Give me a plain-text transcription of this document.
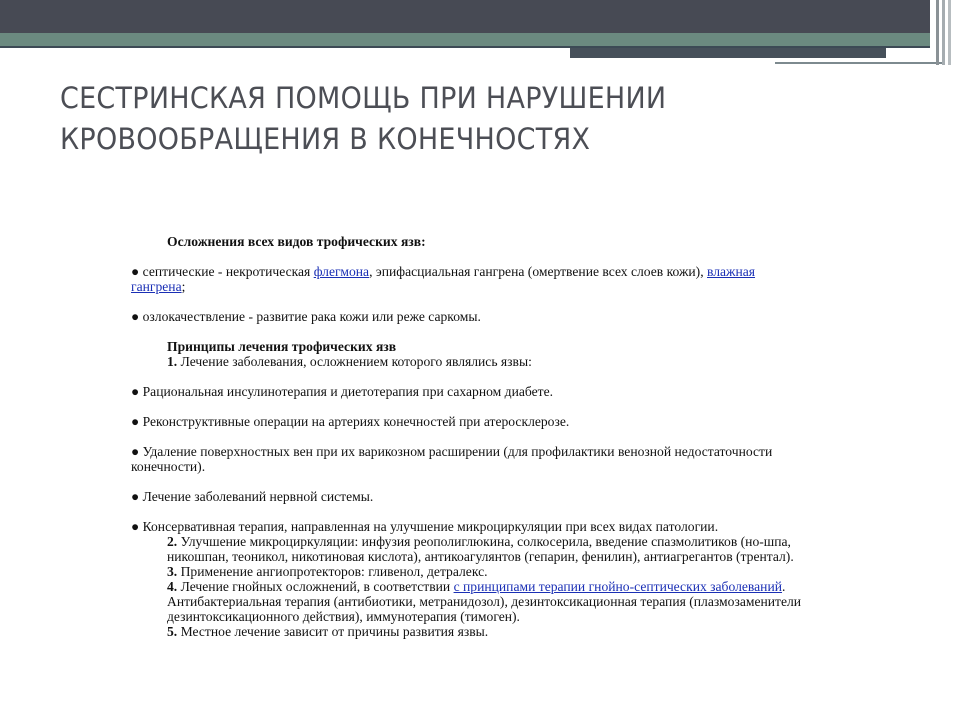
СЕСТРИНСКАЯ ПОМОЩЬ ПРИ НАРУШЕНИИ КРОВООБРАЩЕНИЯ В КОНЕЧНОСТЯХ

Осложнения всех видов трофических язв:

● септические - некротическая флегмона, эпифасциальная гангрена (омертвение всех слоев кожи), влажная гангрена;

● озлокачествление - развитие рака кожи или реже саркомы.

Принципы лечения трофических язв

1. Лечение заболевания, осложнением которого являлись язвы:

● Рациональная инсулинотерапия и диетотерапия при сахарном диабете.

● Реконструктивные операции на артериях конечностей при атеросклерозе.

● Удаление поверхностных вен при их варикозном расширении (для профилактики венозной недостаточности конечности).

● Лечение заболеваний нервной системы.

● Консервативная терапия, направленная на улучшение микроциркуляции при всех видах патологии.

2. Улучшение микроциркуляции: инфузия реополиглюкина, солкосерила, введение спазмолитиков (но-шпа, никошпан, теоникол, никотиновая кислота), антикоагулянтов (гепарин, фенилин), антиагрегантов (трентал).

3. Применение ангиопротекторов: гливенол, детралекс.

4. Лечение гнойных осложнений, в соответствии с принципами терапии гнойно-септических заболеваний. Антибактериальная терапия (антибиотики, метранидозол), дезинтоксикационная терапия (плазмозаменители дезинтоксикационного действия), иммунотерапия (тимоген).

5. Местное лечение зависит от причины развития язвы.
